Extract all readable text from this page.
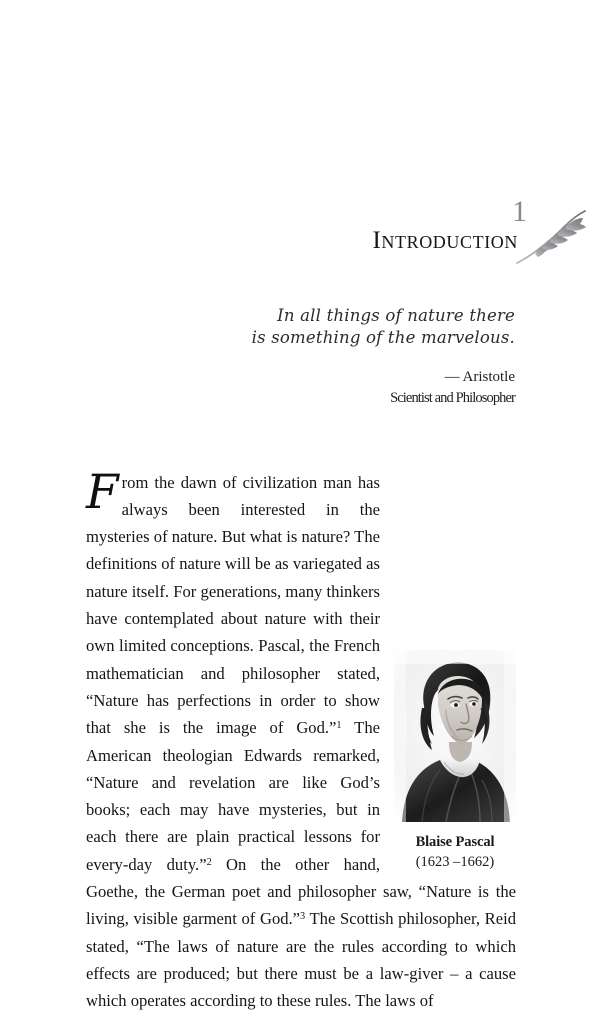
1
Introduction
In all things of nature there
is something of the marvelous.
— Aristotle
Scientist and Philosopher
Blaise Pascal
(1623 –1662)

From the dawn of civilization man has always been interested in the mysteries of nature. But what is nature? The definitions of nature will be as variegated as nature itself. For generations, many thinkers have contemplated about nature with their own limited conceptions. Pascal, the French mathematician and philosopher stated, “Nature has perfections in order to show that she is the image of God.”$^1$ The American theologian Edwards remarked, “Nature and revelation are like God’s books; each may have mysteries, but in each there are plain practical lessons for every-day duty.”$^2$ On the other hand, Goethe, the German poet and philosopher saw, “Nature is the living, visible garment of God.”$^3$ The Scottish philosopher, Reid stated, “The laws of nature are the rules according to which effects are produced; but there must be a law-giver – a cause which operates according to these rules. The laws of
